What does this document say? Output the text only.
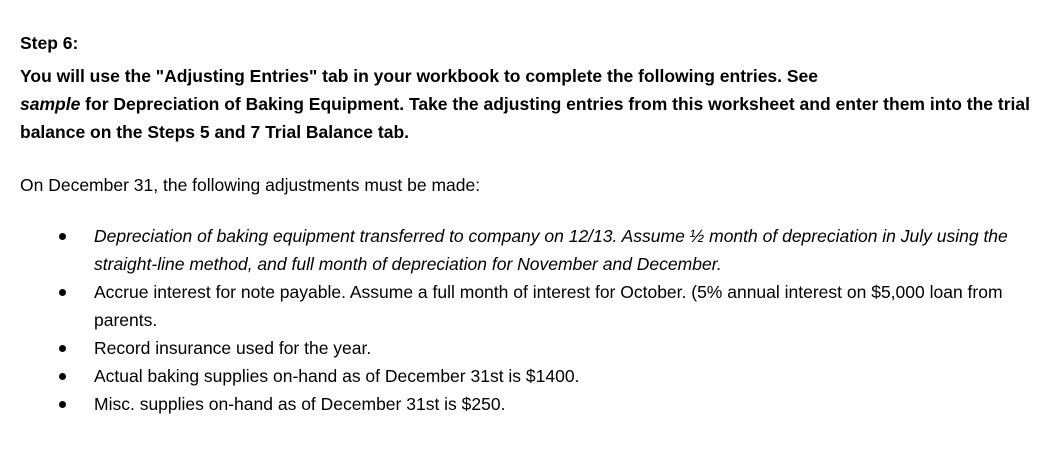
Step 6:

You will use the "Adjusting Entries" tab in your workbook to complete the following entries. See
sample for Depreciation of Baking Equipment. Take the adjusting entries from this worksheet and enter them into the trial balance on the Steps 5 and 7 Trial Balance tab.

On December 31, the following adjustments must be made:

Depreciation of baking equipment transferred to company on 12/13. Assume ½ month of depreciation in July using the straight-line method, and full month of depreciation for November and December.
Accrue interest for note payable. Assume a full month of interest for October. (5% annual interest on $5,000 loan from parents.
Record insurance used for the year.
Actual baking supplies on-hand as of December 31st is $1400.
Misc. supplies on-hand as of December 31st is $250.
